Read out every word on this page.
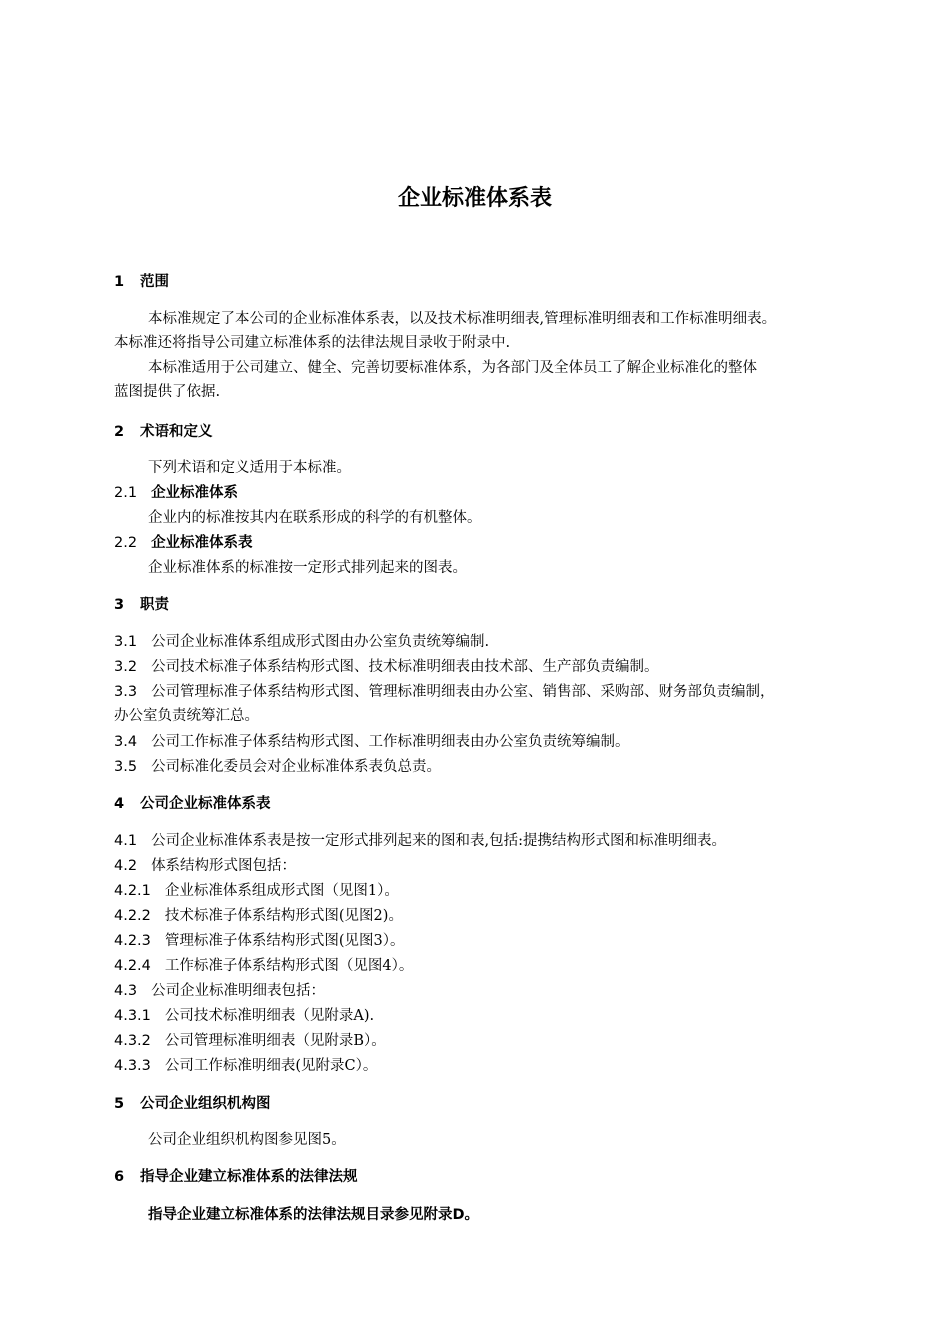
企业标准体系表
1 范围
本标准规定了本公司的企业标准体系表，以及技术标准明细表,管理标准明细表和工作标准明细表。
本标准还将指导公司建立标准体系的法律法规目录收于附录中.
本标准适用于公司建立、健全、完善切要标准体系，为各部门及全体员工了解企业标准化的整体
蓝图提供了依据.
2 术语和定义
下列术语和定义适用于本标准。
2.1 企业标准体系
企业内的标准按其内在联系形成的科学的有机整体。
2.2 企业标准体系表
企业标准体系的标准按一定形式排列起来的图表。
3 职责
3.1 公司企业标准体系组成形式图由办公室负责统筹编制.
3.2 公司技术标准子体系结构形式图、技术标准明细表由技术部、生产部负责编制。
3.3 公司管理标准子体系结构形式图、管理标准明细表由办公室、销售部、采购部、财务部负责编制，
办公室负责统筹汇总。
3.4 公司工作标准子体系结构形式图、工作标准明细表由办公室负责统筹编制。
3.5 公司标准化委员会对企业标准体系表负总责。
4 公司企业标准体系表
4.1 公司企业标准体系表是按一定形式排列起来的图和表,包括:提携结构形式图和标准明细表。
4.2 体系结构形式图包括：
4.2.1 企业标准体系组成形式图（见图1）。
4.2.2 技术标准子体系结构形式图(见图2)。
4.2.3 管理标准子体系结构形式图(见图3）。
4.2.4 工作标准子体系结构形式图（见图4）。
4.3 公司企业标准明细表包括：
4.3.1 公司技术标准明细表（见附录A).
4.3.2 公司管理标准明细表（见附录B）。
4.3.3 公司工作标准明细表(见附录C）。
5 公司企业组织机构图
公司企业组织机构图参见图5。
6 指导企业建立标准体系的法律法规
指导企业建立标准体系的法律法规目录参见附录D。
